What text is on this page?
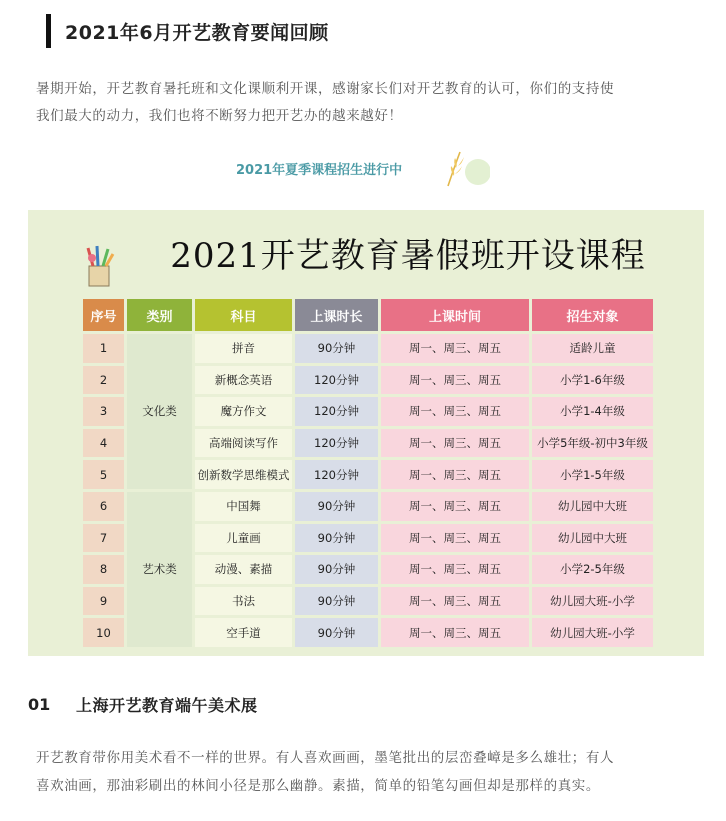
2021年6月开艺教育要闻回顾
暑期开始，开艺教育暑托班和文化课顺利开课，感谢家长们对开艺教育的认可，你们的支持使
我们最大的动力，我们也将不断努力把开艺办的越来越好！
2021年夏季课程招生进行中
2021开艺教育暑假班开设课程
序号	类别	科目	上课时长	上课时间	招生对象
1	文化类	拼音	90分钟	周一、周三、周五	适龄儿童
2		新概念英语	120分钟	周一、周三、周五	小学1-6年级
3		魔方作文	120分钟	周一、周三、周五	小学1-4年级
4		高端阅读写作	120分钟	周一、周三、周五	小学5年级-初中3年级
5		创新数学思维模式	120分钟	周一、周三、周五	小学1-5年级
6	艺术类	中国舞	90分钟	周一、周三、周五	幼儿园中大班
7		儿童画	90分钟	周一、周三、周五	幼儿园中大班
8		动漫、素描	90分钟	周一、周三、周五	小学2-5年级
9		书法	90分钟	周一、周三、周五	幼儿园大班-小学
10		空手道	90分钟	周一、周三、周五	幼儿园大班-小学
01	上海开艺教育端午美术展
开艺教育带你用美术看不一样的世界。有人喜欢画画，墨笔批出的层峦叠嶂是多么雄壮；有人
喜欢油画，那油彩刷出的林间小径是那么幽静。素描，简单的铅笔勾画但却是那样的真实。
